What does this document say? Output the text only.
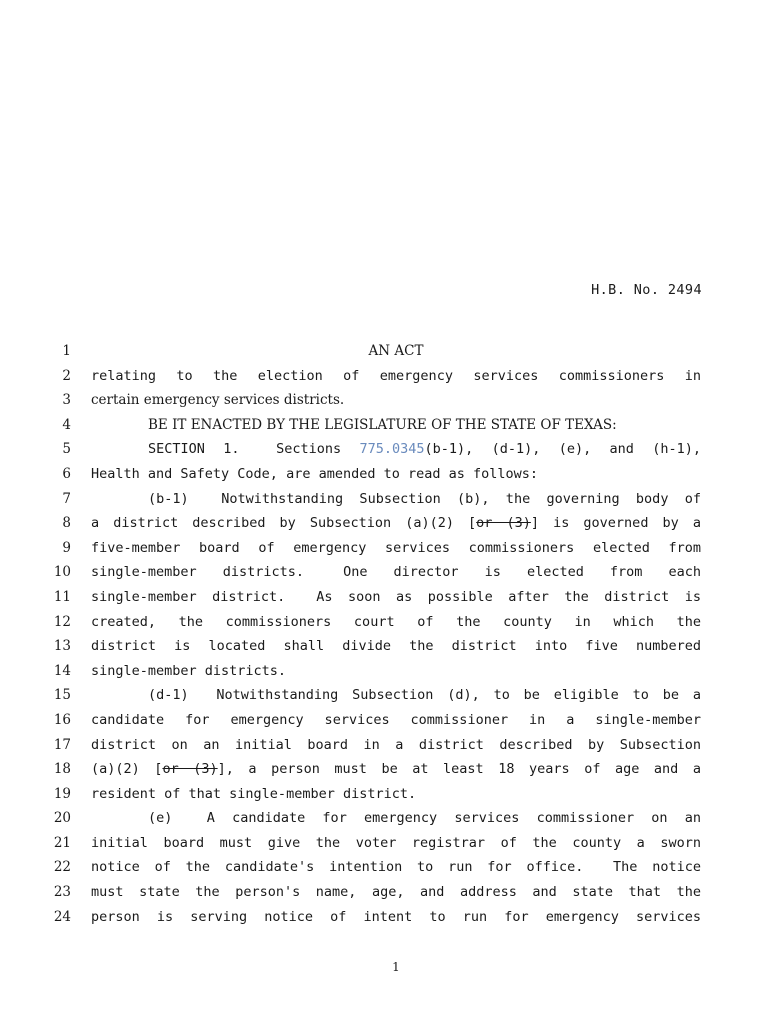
H.B. No. 2494
1	AN ACT
2 relating to the election of emergency services commissioners in
3 certain emergency services districts.
4	BE IT ENACTED BY THE LEGISLATURE OF THE STATE OF TEXAS:
5	SECTION 1.  Sections 775.0345(b-1), (d-1), (e), and (h-1),
6 Health and Safety Code, are amended to read as follows:
7	(b-1)  Notwithstanding Subsection (b), the governing body of
8 a district described by Subsection (a)(2) [or (3)] is governed by a
9 five-member board of emergency services commissioners elected from
10 single-member  districts.   One  director  is  elected  from  each
11 single-member district.  As soon as possible after the district is
12 created,  the  commissioners  court  of  the  county  in  which  the
13 district is located shall divide the district into five numbered
14 single-member districts.
15	(d-1)  Notwithstanding Subsection (d), to be eligible to be a
16 candidate for emergency services commissioner in a single-member
17 district on an initial board in a district described by Subsection
18 (a)(2) [or (3)], a person must be at least 18 years of age and a
19 resident of that single-member district.
20	(e)  A candidate for emergency services commissioner on an
21 initial board must give the voter registrar of the county a sworn
22 notice of the candidate's intention to run for office.  The notice
23 must state the person's name, age, and address and state that the
24 person is serving notice of intent to run for emergency services
1
